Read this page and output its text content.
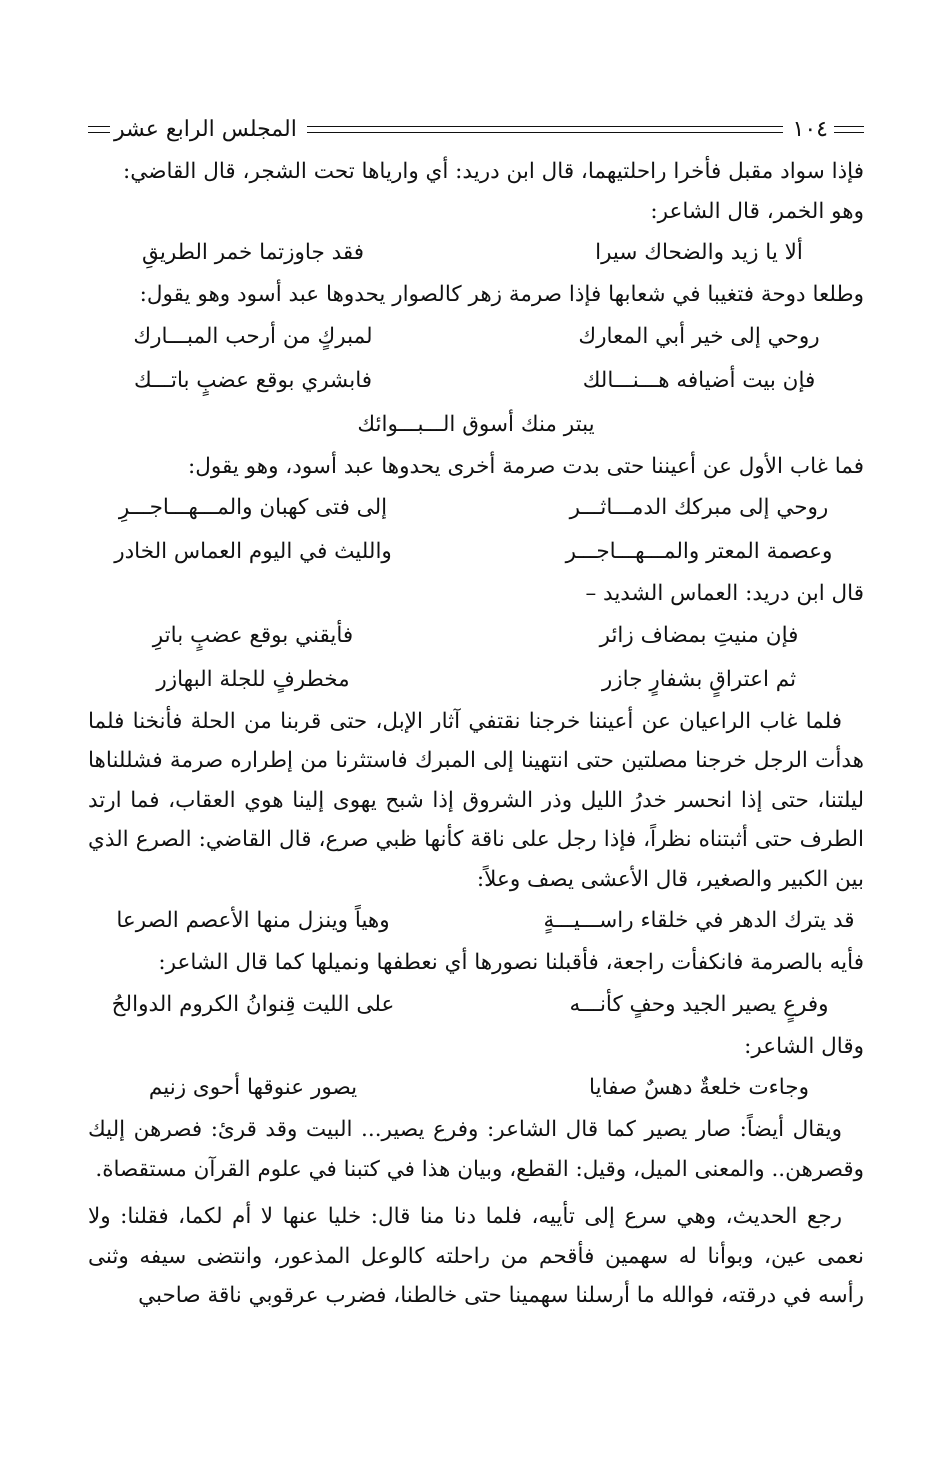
١٠٤
المجلس الرابع عشر

فإذا سواد مقبل فأخرا راحلتيهما، قال ابن دريد: أي وارياها تحت الشجر، قال القاضي:

وهو الخمر، قال الشاعر:

ألا يا زيد والضحاك سيرا
فقد جاوزتما خمر الطريقِ

وطلعا دوحة فتغيبا في شعابها فإذا صرمة زهر كالصوار يحدوها عبد أسود وهو يقول:

روحي إلى خير أبي المعارك
لمبركٍ من أرحب المبـــارك
فإن بيت أضيافه هـــنـــالك
فابشري بوقع عضبٍ باتـــك
يبتر منك أسوق الـــبـــوائك

فما غاب الأول عن أعيننا حتى بدت صرمة أخرى يحدوها عبد أسود، وهو يقول:

روحي إلى مبركك الدمـــاثـــر
إلى فتى كهبان والمـــهـــاجـــرِ
وعصمة المعتر والمـــهـــاجـــر
والليث في اليوم العماس الخادر

قال ابن دريد: العماس الشديد –

فإن منيتِ بمضاف زائر
فأيقني بوقع عضبٍ باترِ
ثم اعتراقٍ بشفارٍ جازر
مخطرفٍ للجلة البهازر

فلما غاب الراعيان عن أعيننا خرجنا نقتفي آثار الإبل، حتى قربنا من الحلة فأنخنا فلما هدأت الرجل خرجنا مصلتين حتى انتهينا إلى المبرك فاستثرنا من إطراره صرمة فشللناها ليلتنا، حتى إذا انحسر خدرُ الليل وذر الشروق إذا شبح يهوى إلينا هوي العقاب، فما ارتد الطرف حتى أثبتناه نظراً، فإذا رجل على ناقة كأنها ظبي صرع، قال القاضي: الصرع الذي بين الكبير والصغير، قال الأعشى يصف وعلاً:

قد يترك الدهر في خلقاء راســـيـــةٍ
وهياً وينزل منها الأعصم الصرعا

فأيه بالصرمة فانكفأت راجعة، فأقبلنا نصورها أي نعطفها ونميلها كما قال الشاعر:

وفرعٍ يصير الجيد وحفٍ كأنـــه
على الليت قِنوانُ الكروم الدوالحُ

وقال الشاعر:

وجاءت خلعةٌ دهسٌ صفايا
يصور عنوقها أحوى زنيم

ويقال أيضاً: صار يصير كما قال الشاعر: وفرع يصير... البيت وقد قرئ: فصرهن إليك وقصرهن.. والمعنى الميل، وقيل: القطع، وبيان هذا في كتبنا في علوم القرآن مستقصاة.

رجع الحديث، وهي سرع إلى تأييه، فلما دنا منا قال: خليا عنها لا أم لكما، فقلنا: ولا نعمى عين، وبوأنا له سهمين فأقحم من راحلته كالوعل المذعور، وانتضى سيفه وثنى رأسه في درقته، فوالله ما أرسلنا سهمينا حتى خالطنا، فضرب عرقوبي ناقة صاحبي
